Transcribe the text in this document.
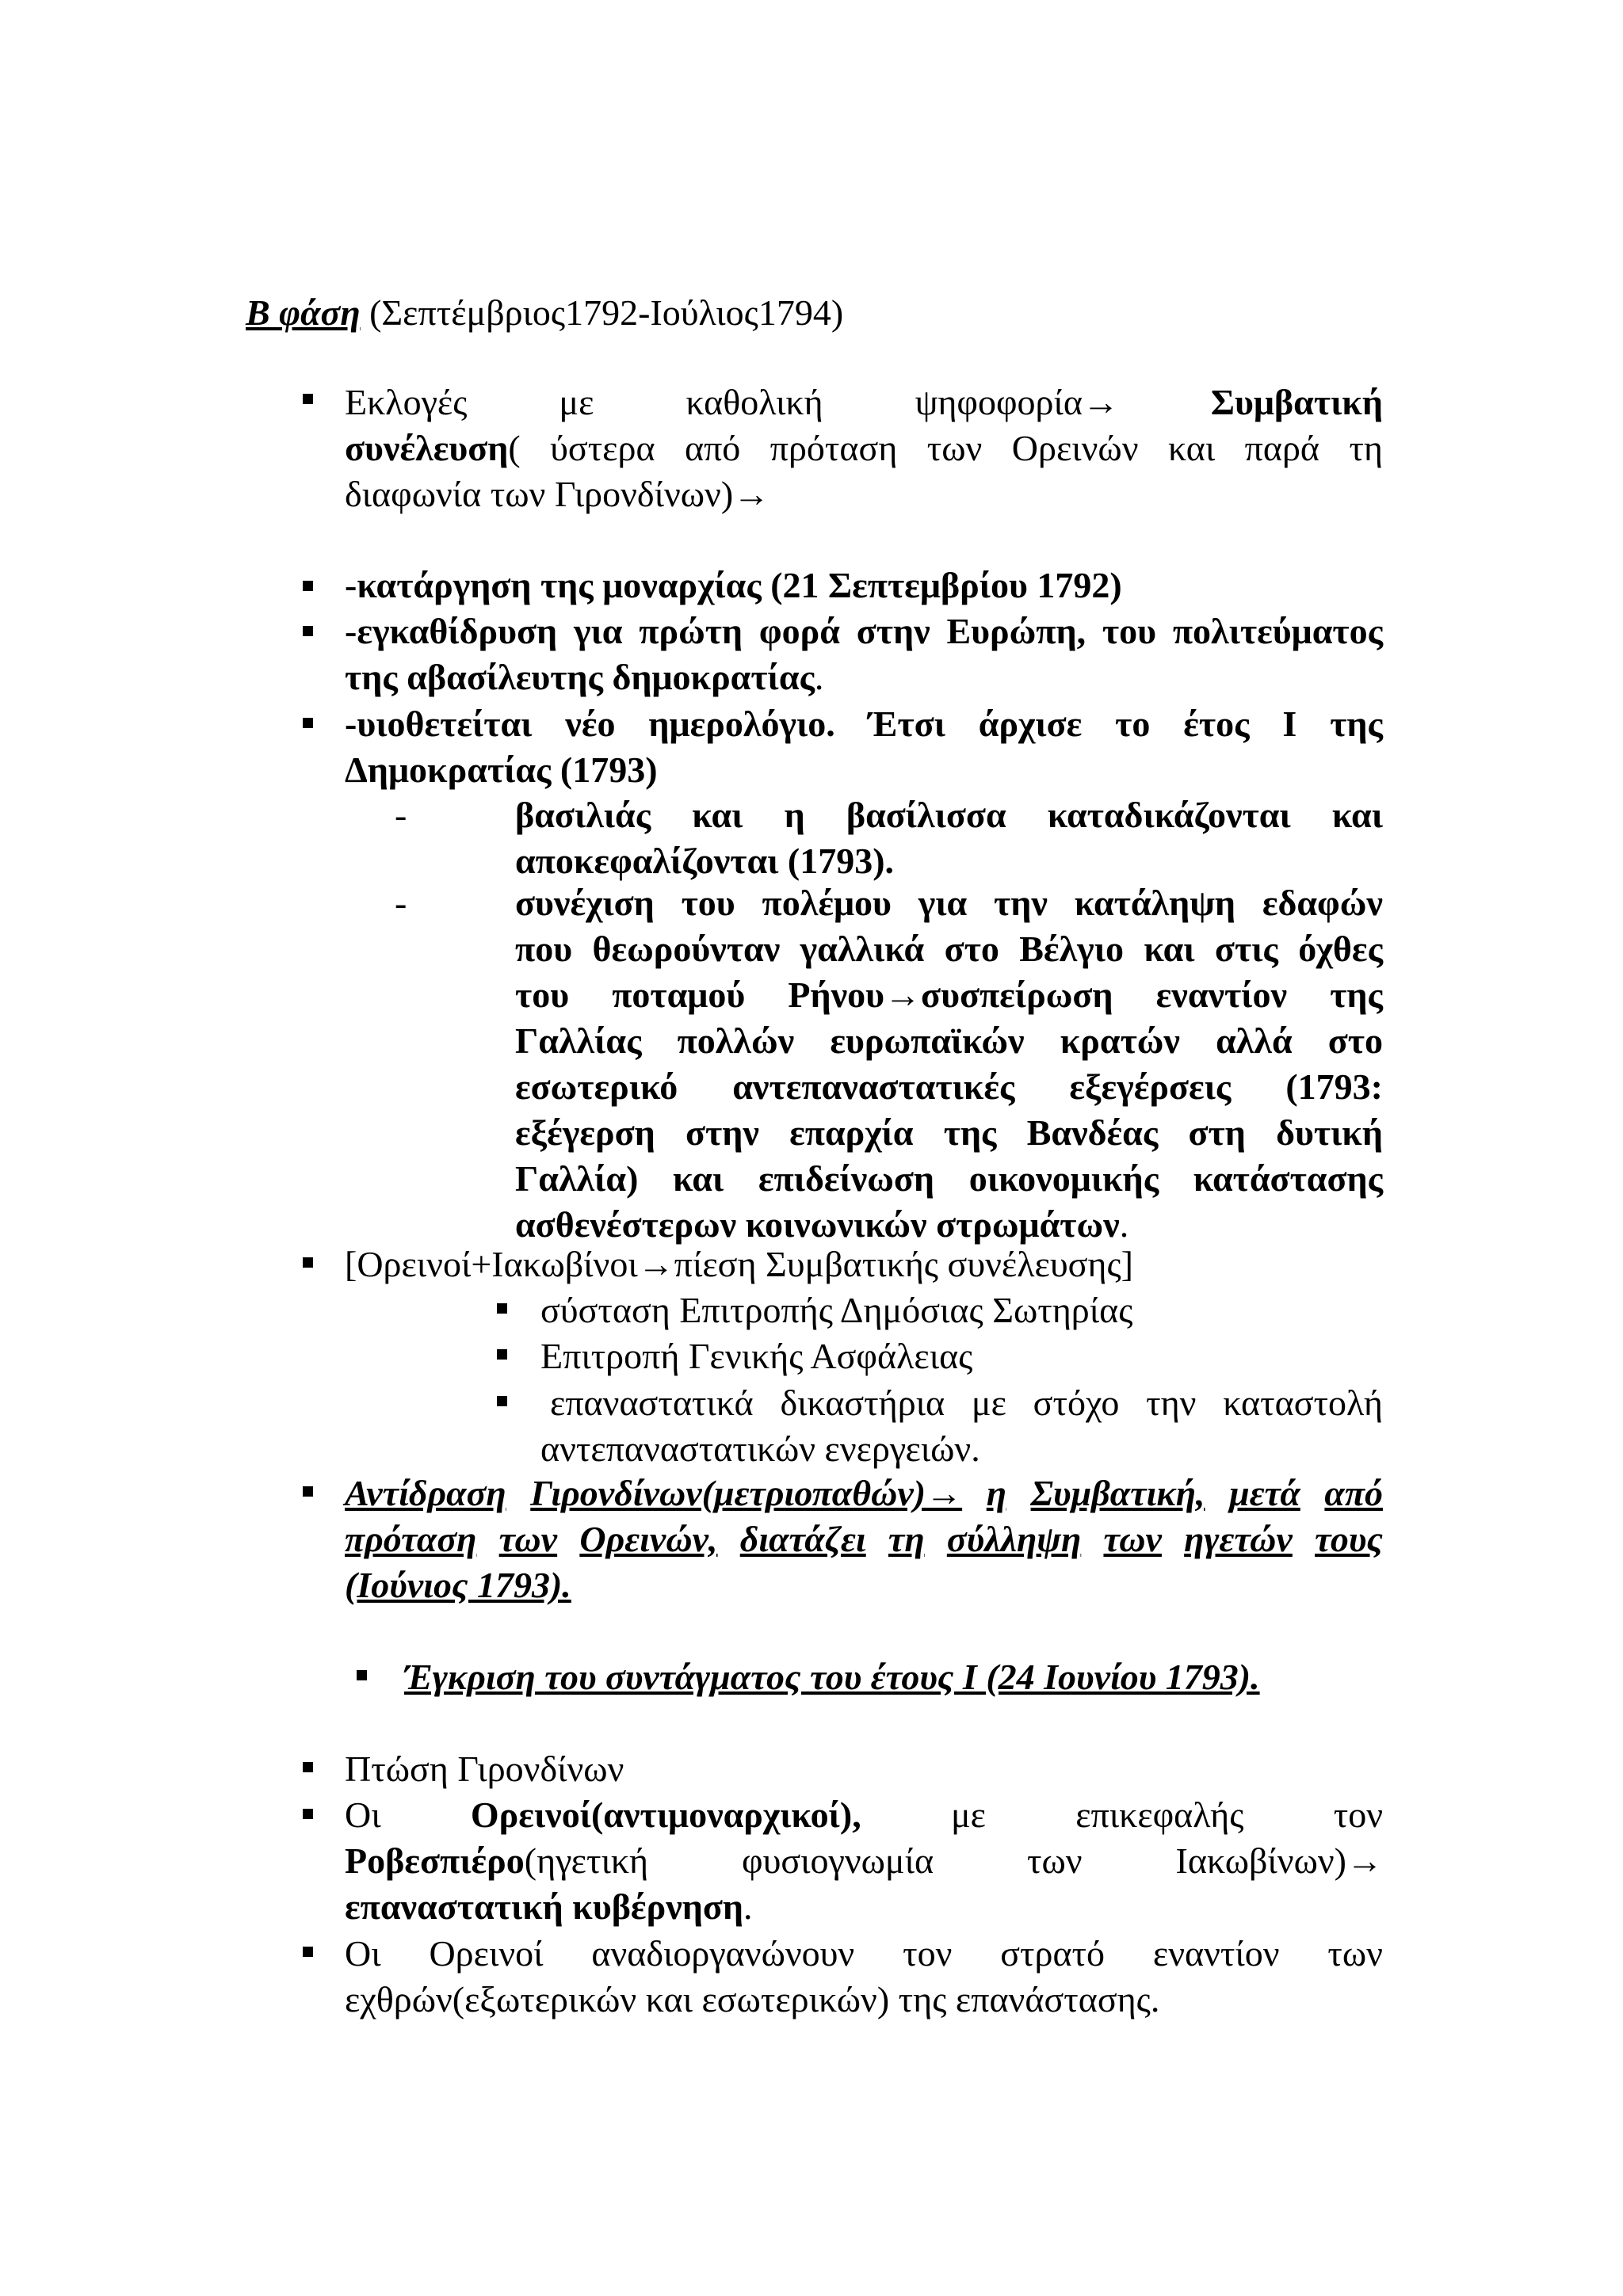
Β φάση (Σεπτέμβριος1792-Ιούλιος1794)
Εκλογές	με	καθολική	ψηφοφορία→	Συμβατική
συνέλευση( ύστερα από πρόταση των Ορεινών και παρά τη
διαφωνία των Γιρονδίνων)→
-κατάργηση της μοναρχίας (21 Σεπτεμβρίου 1792)
-εγκαθίδρυση για πρώτη φορά στην Ευρώπη, του πολιτεύματος
της αβασίλευτης δημοκρατίας.
-υιοθετείται νέο ημερολόγιο. Έτσι άρχισε το έτος Ι της
Δημοκρατίας (1793)
-	βασιλιάς και η βασίλισσα καταδικάζονται και
αποκεφαλίζονται (1793).
-	συνέχιση του πολέμου για την κατάληψη εδαφών
που θεωρούνταν γαλλικά στο Βέλγιο και στις όχθες
του ποταμού Ρήνου→συσπείρωση εναντίον της
Γαλλίας πολλών ευρωπαϊκών κρατών αλλά στο
εσωτερικό αντεπαναστατικές εξεγέρσεις (1793:
εξέγερση στην επαρχία της Βανδέας στη δυτική
Γαλλία) και επιδείνωση οικονομικής κατάστασης
ασθενέστερων κοινωνικών στρωμάτων.
[Ορεινοί+Ιακωβίνοι→πίεση Συμβατικής συνέλευσης]
σύσταση Επιτροπής Δημόσιας Σωτηρίας
Επιτροπή Γενικής Ασφάλειας
επαναστατικά δικαστήρια με στόχο την καταστολή
αντεπαναστατικών ενεργειών.
Αντίδραση Γιρονδίνων(μετριοπαθών)→ η Συμβατική, μετά από
πρόταση των Ορεινών, διατάζει τη σύλληψη των ηγετών τους
(Ιούνιος 1793).
Έγκριση του συντάγματος του έτους Ι (24 Ιουνίου 1793).
Πτώση Γιρονδίνων
Οι Ορεινοί(αντιμοναρχικοί), με επικεφαλής τον
Ροβεσπιέρο(ηγετική	φυσιογνωμία	των	Ιακωβίνων)→
επαναστατική κυβέρνηση.
Οι Ορεινοί αναδιοργανώνουν τον στρατό εναντίον των
εχθρών(εξωτερικών και εσωτερικών) της επανάστασης.
